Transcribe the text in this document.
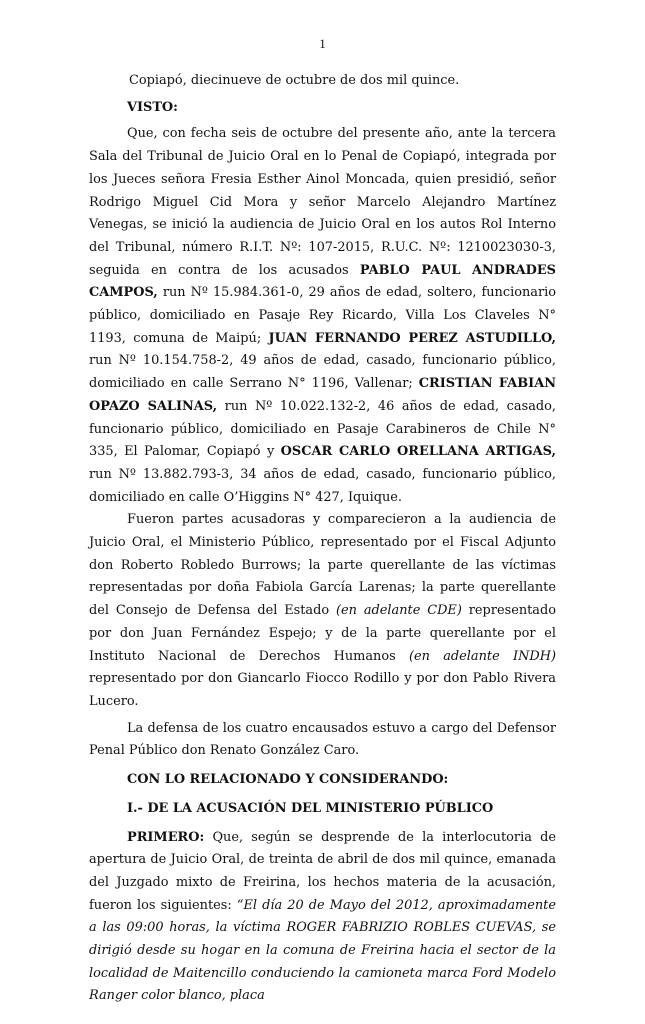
1

Copiapó, diecinueve de octubre de dos mil quince.

VISTO:

Que, con fecha seis de octubre del presente año, ante la tercera Sala del Tribunal de Juicio Oral en lo Penal de Copiapó, integrada por los Jueces señora Fresia Esther Ainol Moncada, quien presidió, señor Rodrigo Miguel Cid Mora y señor Marcelo Alejandro Martínez Venegas, se inició la audiencia de Juicio Oral en los autos Rol Interno del Tribunal, número R.I.T. Nº: 107-2015, R.U.C. Nº: 1210023030-3, seguida en contra de los acusados PABLO PAUL ANDRADES CAMPOS, run Nº 15.984.361-0, 29 años de edad, soltero, funcionario público, domiciliado en Pasaje Rey Ricardo, Villa Los Claveles N° 1193, comuna de Maipú; JUAN FERNANDO PEREZ ASTUDILLO, run Nº 10.154.758-2, 49 años de edad, casado, funcionario público, domiciliado en calle Serrano N° 1196, Vallenar; CRISTIAN FABIAN OPAZO SALINAS, run Nº 10.022.132-2, 46 años de edad, casado, funcionario público, domiciliado en Pasaje Carabineros de Chile N° 335, El Palomar, Copiapó y OSCAR CARLO ORELLANA ARTIGAS, run Nº 13.882.793-3, 34 años de edad, casado, funcionario público, domiciliado en calle O’Higgins N° 427, Iquique.

Fueron partes acusadoras y comparecieron a la audiencia de Juicio Oral, el Ministerio Público, representado por el Fiscal Adjunto don Roberto Robledo Burrows; la parte querellante de las víctimas representadas por doña Fabiola García Larenas; la parte querellante del Consejo de Defensa del Estado (en adelante CDE) representado por don Juan Fernández Espejo; y de la parte querellante por el Instituto Nacional de Derechos Humanos (en adelante INDH) representado por don Giancarlo Fiocco Rodillo y por don Pablo Rivera Lucero.

La defensa de los cuatro encausados estuvo a cargo del Defensor Penal Público don Renato González Caro.

CON LO RELACIONADO Y CONSIDERANDO:

I.- DE LA ACUSACIÓN DEL MINISTERIO PÚBLICO

PRIMERO: Que, según se desprende de la interlocutoria de apertura de Juicio Oral, de treinta de abril de dos mil quince, emanada del Juzgado mixto de Freirina, los hechos materia de la acusación, fueron los siguientes: “El día 20 de Mayo del 2012, aproximadamente a las 09:00 horas, la víctima ROGER FABRIZIO ROBLES CUEVAS, se dirigió desde su hogar en la comuna de Freirina hacia el sector de la localidad de Maitencillo conduciendo la camioneta marca Ford Modelo Ranger color blanco, placa
